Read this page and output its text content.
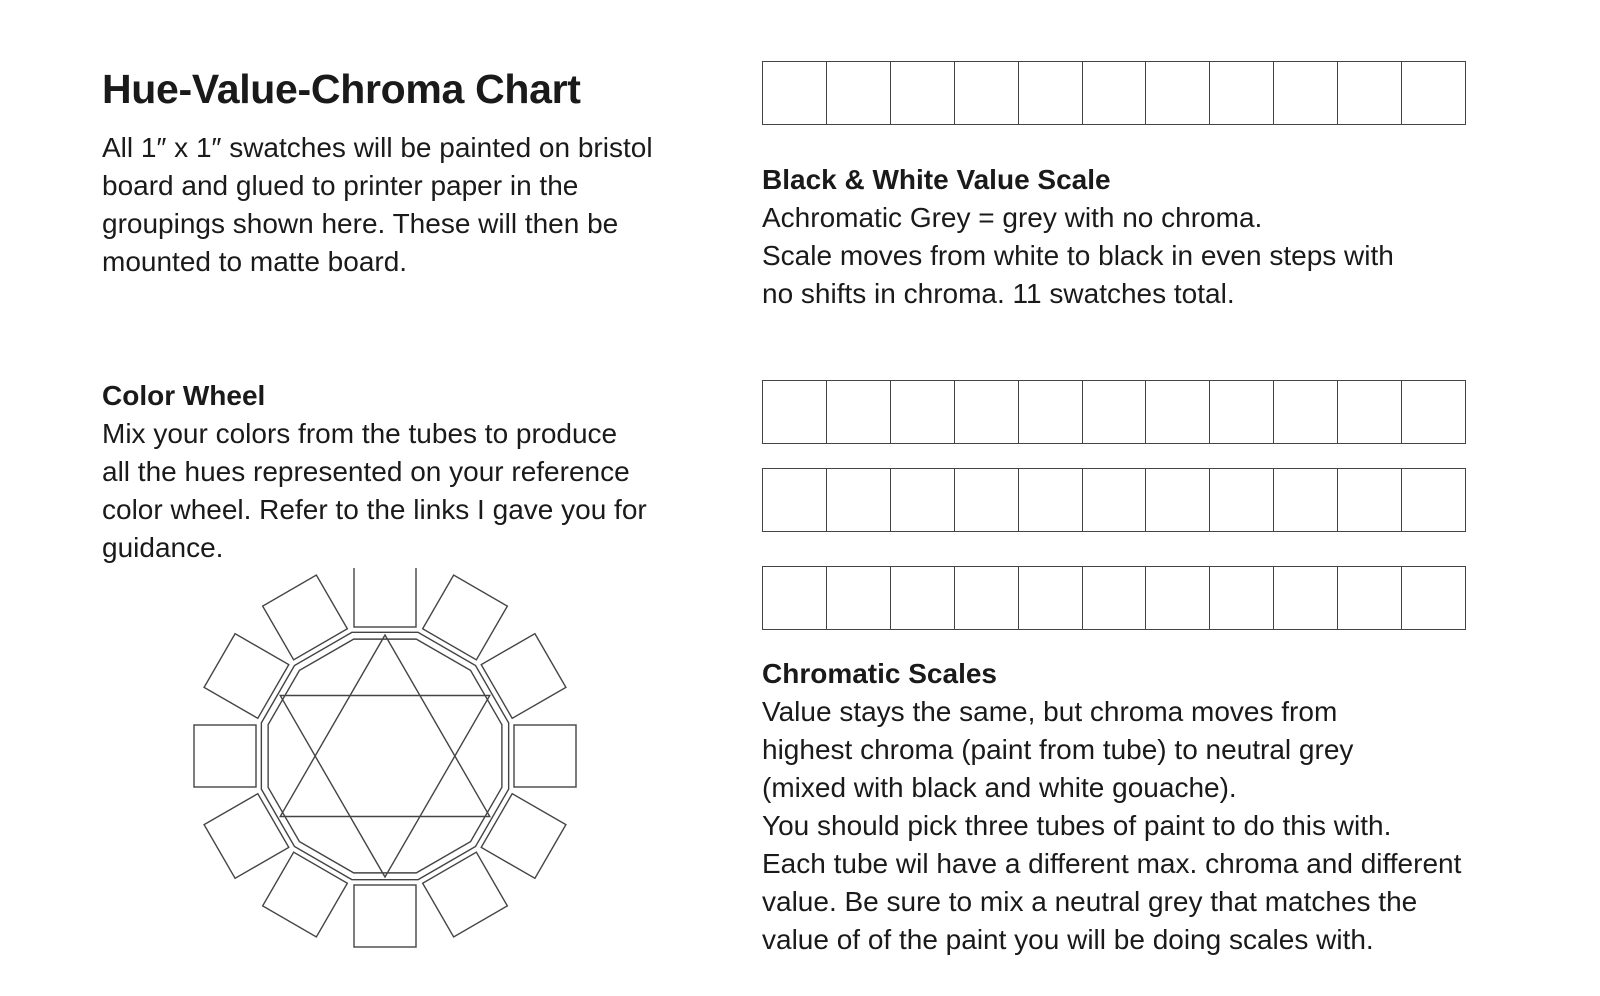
Hue-Value-Chroma Chart
All 1″ x 1″ swatches will be painted on bristol
board and glued to printer paper in the
groupings shown here. These will then be
mounted to matte board.
Black & White Value Scale
Achromatic Grey = grey with no chroma.
Scale moves from white to black in even steps with
no shifts in chroma. 11 swatches total.
Color Wheel
Mix your colors from the tubes to produce
all the hues represented on your reference
color wheel. Refer to the links I gave you for
guidance.
Chromatic Scales
Value stays the same, but chroma moves from
highest chroma (paint from tube) to neutral grey
(mixed with black and white gouache).
You should pick three tubes of paint to do this with.
Each tube wil have a different max. chroma and different
value. Be sure to mix a neutral grey that matches the
value of of the paint you will be doing scales with.
